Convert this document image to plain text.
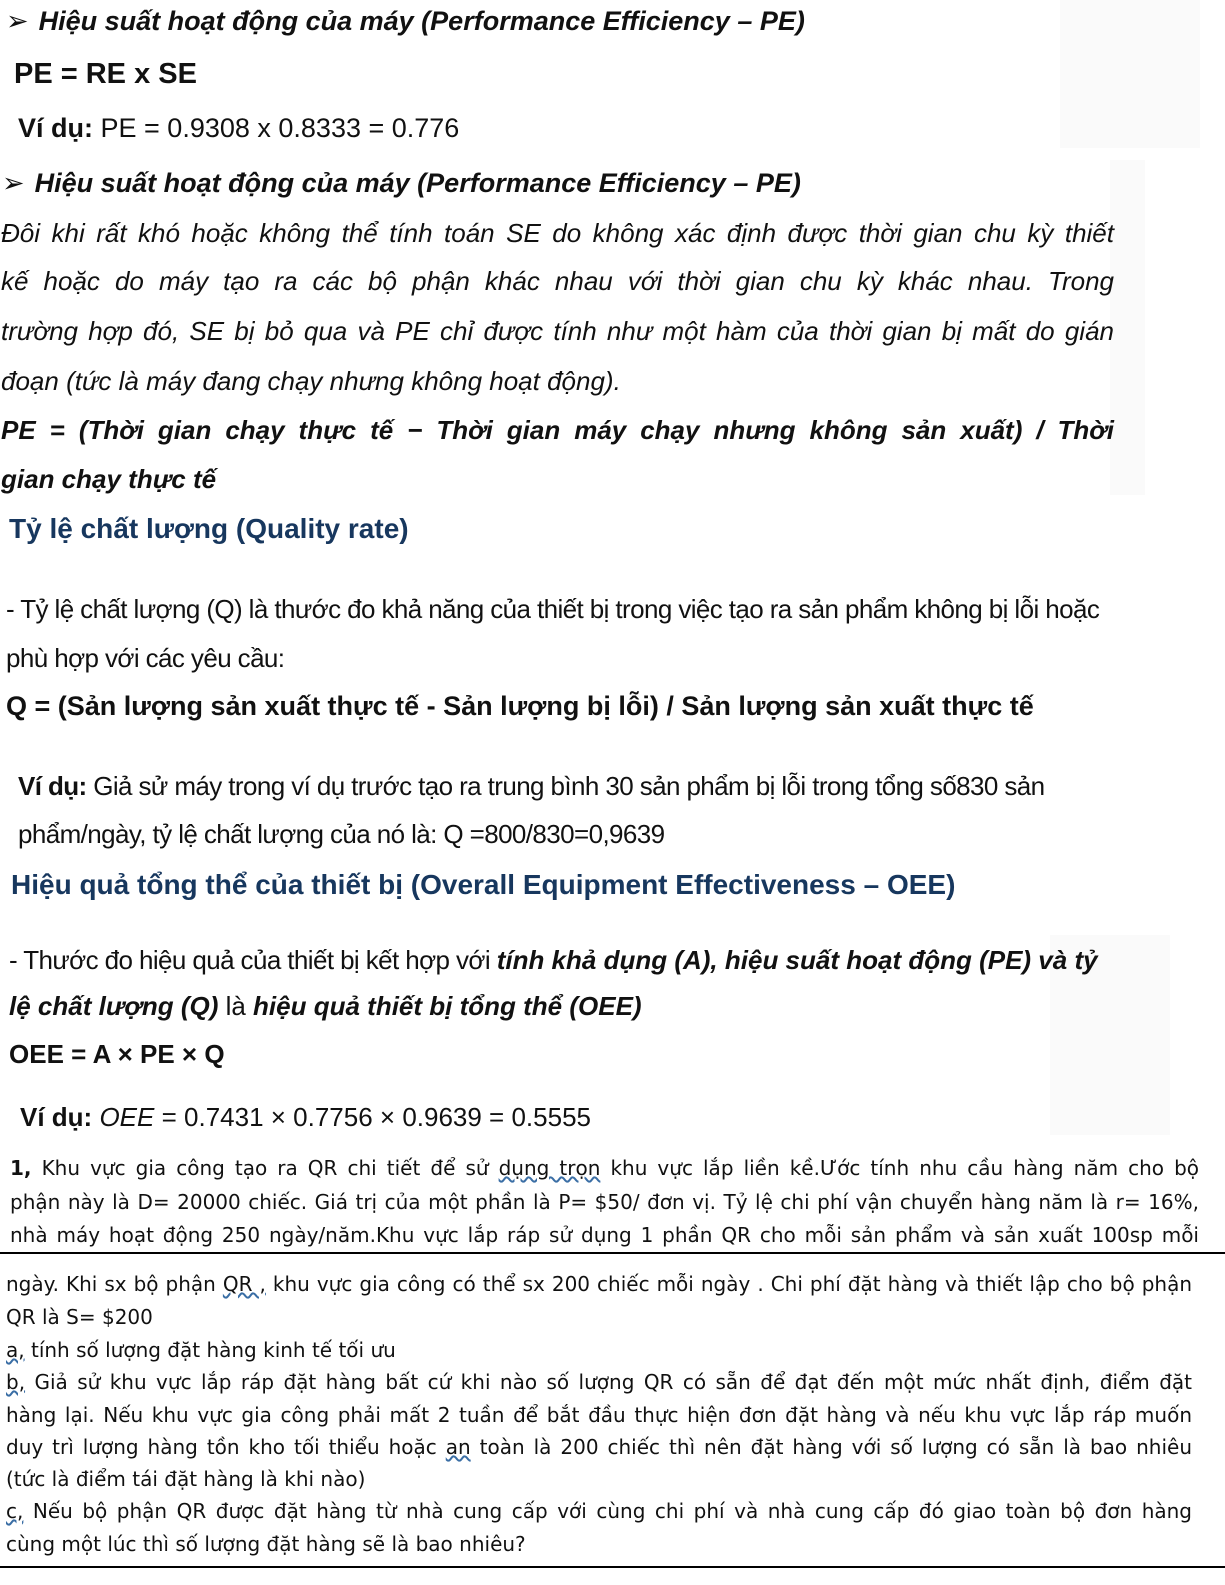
➢ Hiệu suất hoạt động của máy (Performance Efficiency – PE)
PE = RE x SE
Ví dụ: PE = 0.9308 x 0.8333 = 0.776
➢ Hiệu suất hoạt động của máy (Performance Efficiency – PE)
Đôi khi rất khó hoặc không thể tính toán SE do không xác định được thời gian chu kỳ thiết
kế hoặc do máy tạo ra các bộ phận khác nhau với thời gian chu kỳ khác nhau. Trong
trường hợp đó, SE bị bỏ qua và PE chỉ được tính như một hàm của thời gian bị mất do gián
đoạn (tức là máy đang chạy nhưng không hoạt động).
PE = (Thời gian chạy thực tế − Thời gian máy chạy nhưng không sản xuất) / Thời
gian chạy thực tế
Tỷ lệ chất lượng (Quality rate)
- Tỷ lệ chất lượng (Q) là thước đo khả năng của thiết bị trong việc tạo ra sản phẩm không bị lỗi hoặc
phù hợp với các yêu cầu:
Q = (Sản lượng sản xuất thực tế - Sản lượng bị lỗi) / Sản lượng sản xuất thực tế
Ví dụ: Giả sử máy trong ví dụ trước tạo ra trung bình 30 sản phẩm bị lỗi trong tổng số830 sản
phẩm/ngày, tỷ lệ chất lượng của nó là: Q =800/830=0,9639
Hiệu quả tổng thể của thiết bị (Overall Equipment Effectiveness – OEE)
- Thước đo hiệu quả của thiết bị kết hợp với tính khả dụng (A), hiệu suất hoạt động (PE) và tỷ
lệ chất lượng (Q) là hiệu quả thiết bị tổng thể (OEE)
OEE = A × PE × Q
Ví dụ: OEE = 0.7431 × 0.7756 × 0.9639 = 0.5555
1, Khu vực gia công tạo ra QR chi tiết để sử dụng trọn khu vực lắp liền kề.Ước tính nhu cầu hàng năm cho bộ
phận này là D= 20000 chiếc. Giá trị của một phần là P= $50/ đơn vị. Tỷ lệ chi phí vận chuyển hàng năm là r= 16%,
nhà máy hoạt động 250 ngày/năm.Khu vực lắp ráp sử dụng 1 phần QR cho mỗi sản phẩm và sản xuất 100sp mỗi
ngày. Khi sx bộ phận QR , khu vực gia công có thể sx 200 chiếc mỗi ngày . Chi phí đặt hàng và thiết lập cho bộ phận
QR là S= $200
a, tính số lượng đặt hàng kinh tế tối ưu
b, Giả sử khu vực lắp ráp đặt hàng bất cứ khi nào số lượng QR có sẵn để đạt đến một mức nhất định, điểm đặt
hàng lại. Nếu khu vực gia công phải mất 2 tuần để bắt đầu thực hiện đơn đặt hàng và nếu khu vực lắp ráp muốn
duy trì lượng hàng tồn kho tối thiểu hoặc an toàn là 200 chiếc thì nên đặt hàng với số lượng có sẵn là bao nhiêu
(tức là điểm tái đặt hàng là khi nào)
c, Nếu bộ phận QR được đặt hàng từ nhà cung cấp với cùng chi phí và nhà cung cấp đó giao toàn bộ đơn hàng
cùng một lúc thì số lượng đặt hàng sẽ là bao nhiêu?
